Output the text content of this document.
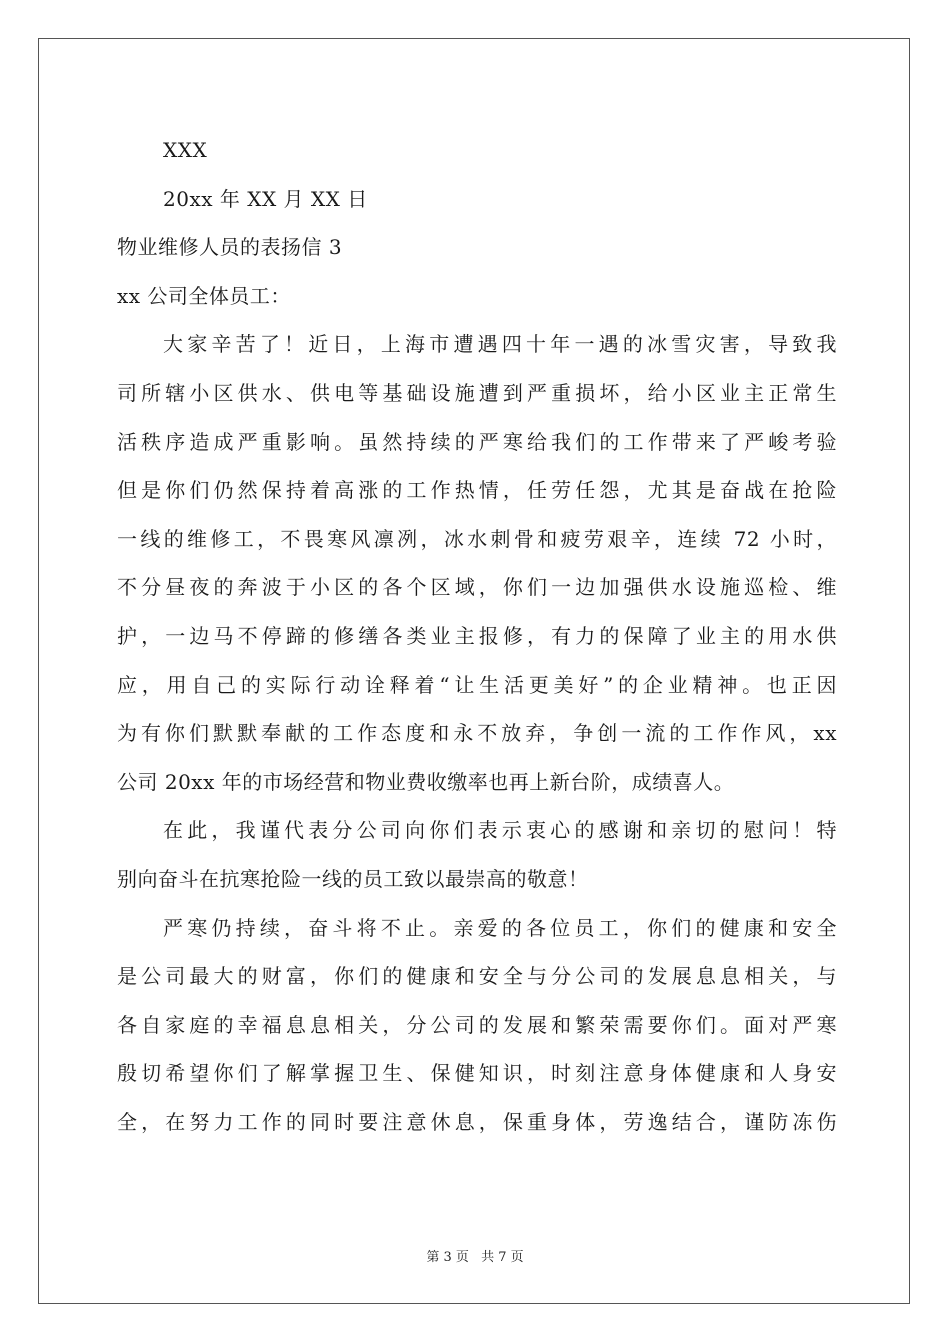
XXX
20xx 年 XX 月 XX 日
物业维修人员的表扬信 3
xx 公司全体员工：
大家辛苦了！近日，上海市遭遇四十年一遇的冰雪灾害，导致我
司所辖小区供水、供电等基础设施遭到严重损坏，给小区业主正常生
活秩序造成严重影响。虽然持续的严寒给我们的工作带来了严峻考验
但是你们仍然保持着高涨的工作热情，任劳任怨，尤其是奋战在抢险
一线的维修工，不畏寒风凛冽，冰水刺骨和疲劳艰辛，连续 72 小时，
不分昼夜的奔波于小区的各个区域，你们一边加强供水设施巡检、维
护，一边马不停蹄的修缮各类业主报修，有力的保障了业主的用水供
应，用自己的实际行动诠释着“让生活更美好”的企业精神。也正因
为有你们默默奉献的工作态度和永不放弃，争创一流的工作作风，xx
公司 20xx 年的市场经营和物业费收缴率也再上新台阶，成绩喜人。
在此，我谨代表分公司向你们表示衷心的感谢和亲切的慰问！特
别向奋斗在抗寒抢险一线的员工致以最崇高的敬意！
严寒仍持续，奋斗将不止。亲爱的各位员工，你们的健康和安全
是公司最大的财富，你们的健康和安全与分公司的发展息息相关，与
各自家庭的幸福息息相关，分公司的发展和繁荣需要你们。面对严寒
殷切希望你们了解掌握卫生、保健知识，时刻注意身体健康和人身安
全，在努力工作的同时要注意休息，保重身体，劳逸结合，谨防冻伤
第 3 页 共 7 页
